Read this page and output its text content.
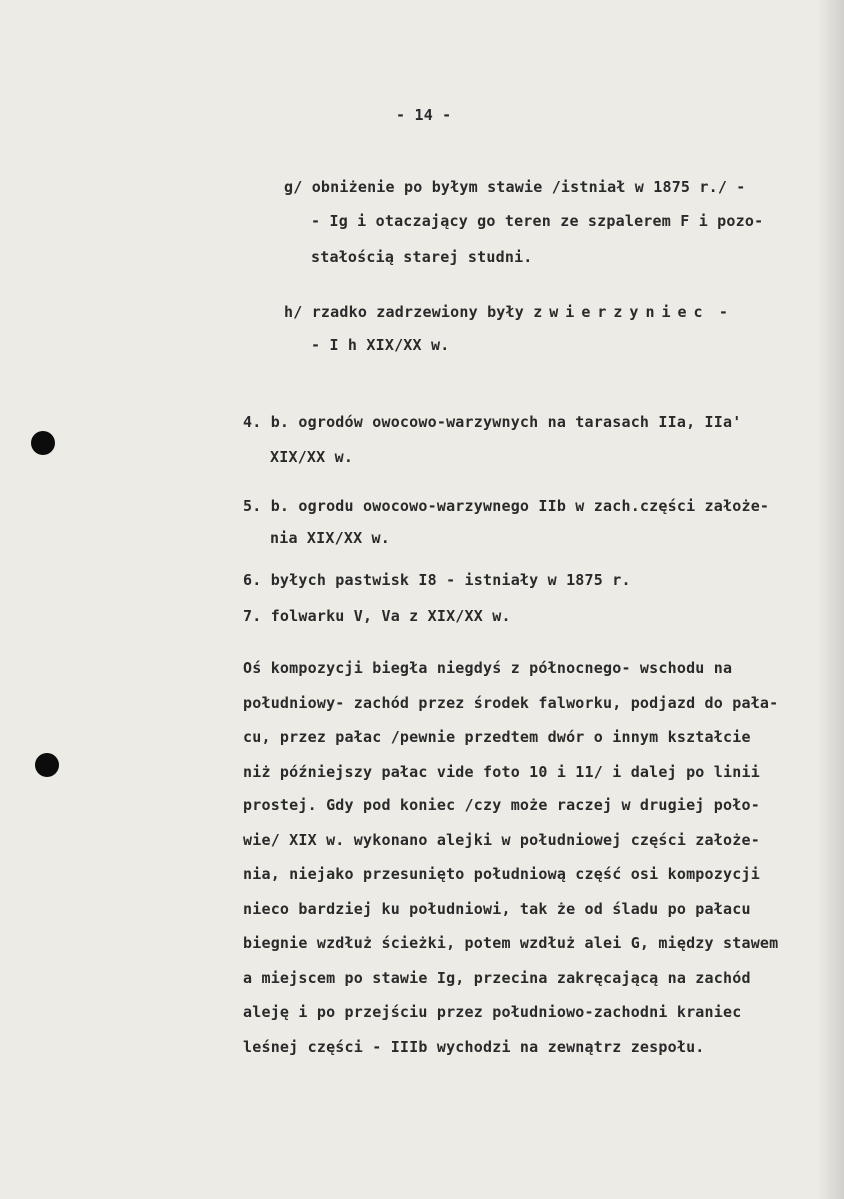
- 14 -
g/ obniżenie po byłym stawie /istniał w 1875 r./ -
- Ig i otaczający go teren ze szpalerem F i pozo-
stałością starej studni.
h/ rzadko zadrzewiony były zwierzyniec -
- I h XIX/XX w.
4. b. ogrodów owocowo-warzywnych na tarasach IIa, IIa'
XIX/XX w.
5. b. ogrodu owocowo-warzywnego IIb w zach.części założe-
nia XIX/XX w.
6. byłych pastwisk I8 - istniały w 1875 r.
7. folwarku V, Va z XIX/XX w.
Oś kompozycji biegła niegdyś z północnego- wschodu na
południowy- zachód przez środek falworku, podjazd do pała-
cu, przez pałac /pewnie przedtem dwór o innym kształcie
niż późniejszy pałac vide foto 10 i 11/ i dalej po linii
prostej. Gdy pod koniec /czy może raczej w drugiej poło-
wie/ XIX w. wykonano alejki w południowej części założe-
nia, niejako przesunięto południową część osi kompozycji
nieco bardziej ku południowi, tak że od śladu po pałacu
biegnie wzdłuż ścieżki, potem wzdłuż alei G, między stawem
a miejscem po stawie Ig, przecina zakręcającą na zachód
aleję i po przejściu przez południowo-zachodni kraniec
leśnej części - IIIb wychodzi na zewnątrz zespołu.
